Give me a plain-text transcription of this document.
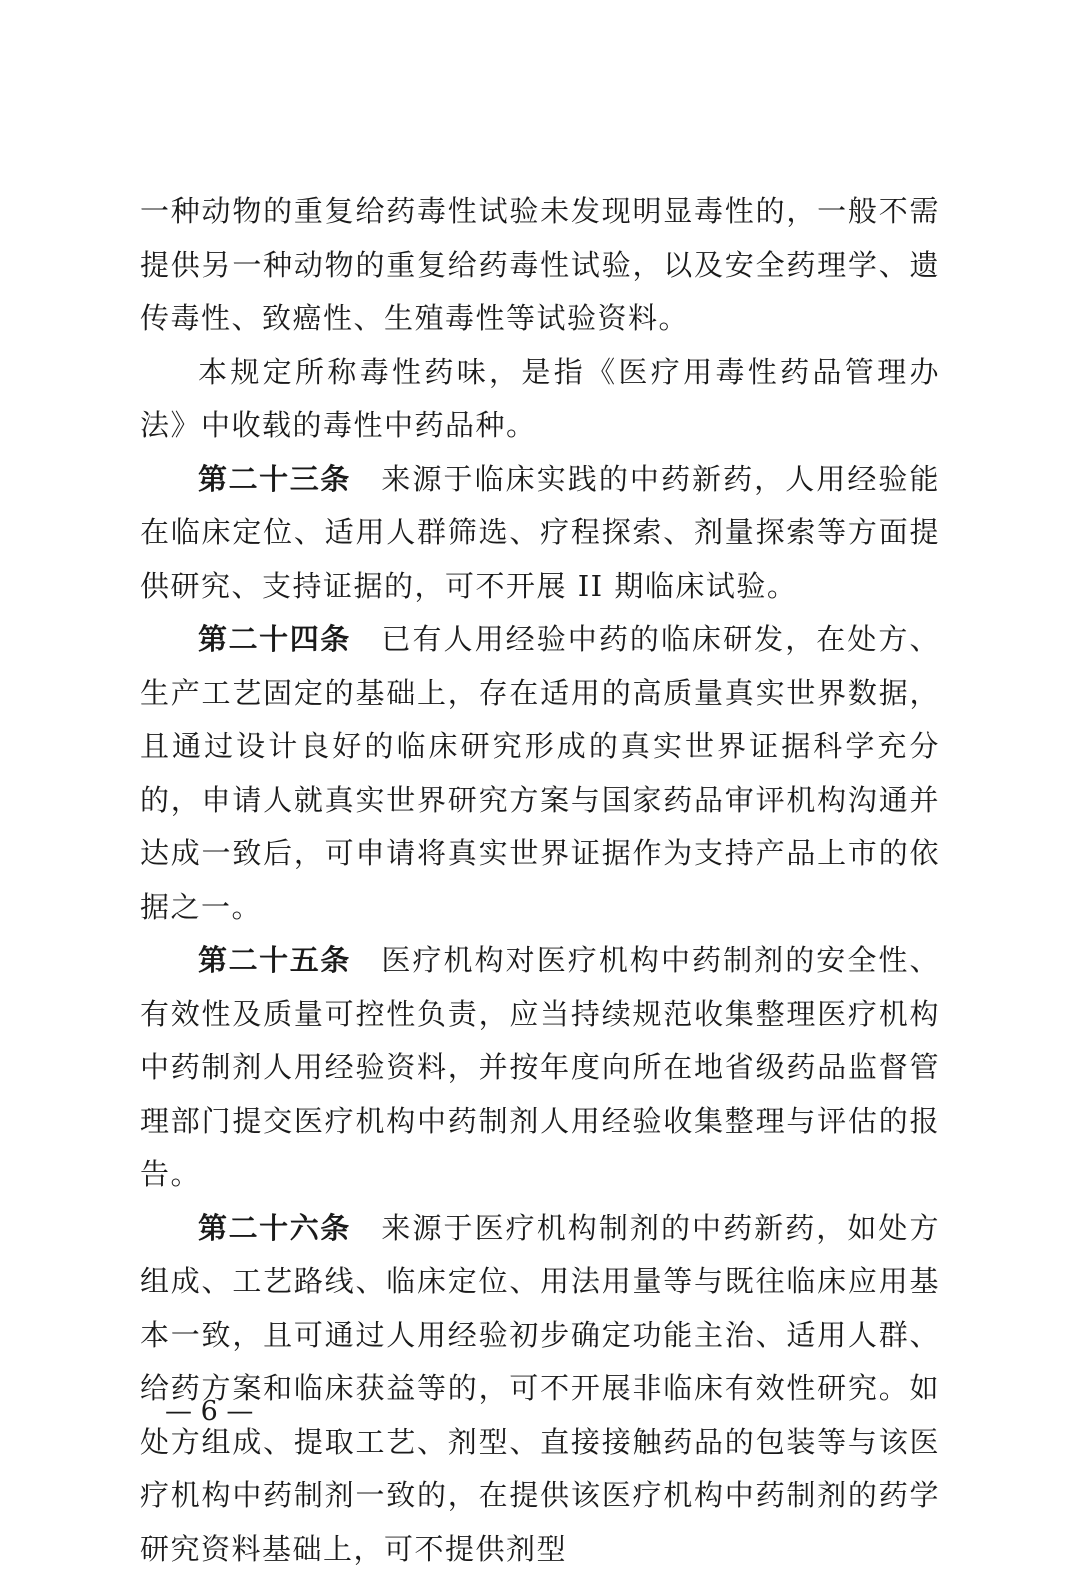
一种动物的重复给药毒性试验未发现明显毒性的，一般不需提供另一种动物的重复给药毒性试验，以及安全药理学、遗传毒性、致癌性、生殖毒性等试验资料。

本规定所称毒性药味，是指《医疗用毒性药品管理办法》中收载的毒性中药品种。

第二十三条 来源于临床实践的中药新药，人用经验能在临床定位、适用人群筛选、疗程探索、剂量探索等方面提供研究、支持证据的，可不开展 II 期临床试验。

第二十四条 已有人用经验中药的临床研发，在处方、生产工艺固定的基础上，存在适用的高质量真实世界数据，且通过设计良好的临床研究形成的真实世界证据科学充分的，申请人就真实世界研究方案与国家药品审评机构沟通并达成一致后，可申请将真实世界证据作为支持产品上市的依据之一。

第二十五条 医疗机构对医疗机构中药制剂的安全性、有效性及质量可控性负责，应当持续规范收集整理医疗机构中药制剂人用经验资料，并按年度向所在地省级药品监督管理部门提交医疗机构中药制剂人用经验收集整理与评估的报告。

第二十六条 来源于医疗机构制剂的中药新药，如处方组成、工艺路线、临床定位、用法用量等与既往临床应用基本一致，且可通过人用经验初步确定功能主治、适用人群、给药方案和临床获益等的，可不开展非临床有效性研究。如处方组成、提取工艺、剂型、直接接触药品的包装等与该医疗机构中药制剂一致的，在提供该医疗机构中药制剂的药学研究资料基础上，可不提供剂型

— 6 —
